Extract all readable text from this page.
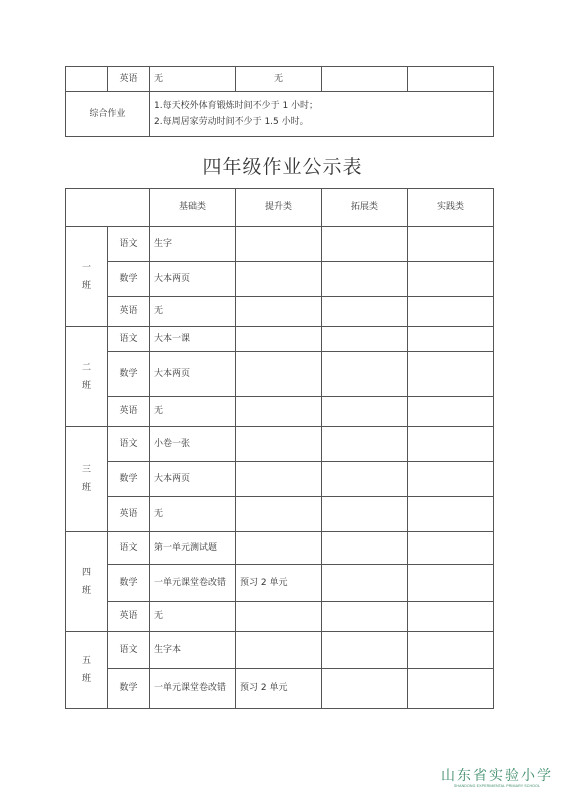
	英语	无	无		
综合作业		1.每天校外体育锻炼时间不少于 1 小时；
2.每周居家劳动时间不少于 1.5 小时。			
四年级作业公示表
		基础类	提升类	拓展类	实践类
一
班	语文	生字			
	数学	大本两页			
	英语	无			
二
班	语文	大本一课			
	数学	大本两页			
	英语	无			
三
班	语文	小卷一张			
	数学	大本两页			
	英语	无			
四
班	语文	第一单元测试题			
	数学	一单元课堂卷改错	预习 2 单元		
	英语	无			
五
班	语文	生字本			
	数学	一单元课堂卷改错	预习 2 单元		
山东省实验小学
SHANDONG EXPERIMENTAL PRIMARY SCHOOL
